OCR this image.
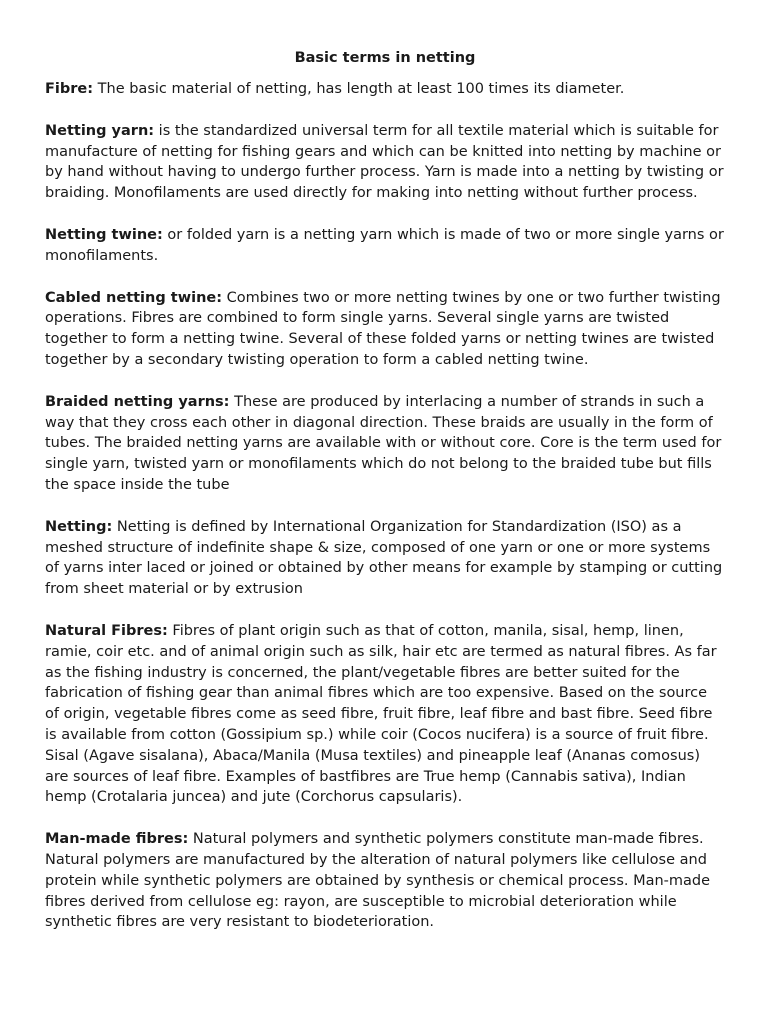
Basic terms in netting

Fibre: The basic material of netting, has length at least 100 times its diameter.

Netting yarn: is the standardized universal term for all textile material which is suitable for manufacture of netting for fishing gears and which can be knitted into netting by machine or by hand without having to undergo further process. Yarn is made into a netting by twisting or braiding. Monofilaments are used directly for making into netting without further process.

Netting twine: or folded yarn is a netting yarn which is made of two or more single yarns or monofilaments.

Cabled netting twine: Combines two or more netting twines by one or two further twisting operations. Fibres are combined to form single yarns. Several single yarns are twisted together to form a netting twine. Several of these folded yarns or netting twines are twisted together by a secondary twisting operation to form a cabled netting twine.

Braided netting yarns: These are produced by interlacing a number of strands in such a way that they cross each other in diagonal direction. These braids are usually in the form of tubes. The braided netting yarns are available with or without core. Core is the term used for single yarn, twisted yarn or monofilaments which do not belong to the braided tube but fills the space inside the tube

Netting: Netting is defined by International Organization for Standardization (ISO) as a meshed structure of indefinite shape & size, composed of one yarn or one or more systems of yarns inter laced or joined or obtained by other means for example by stamping or cutting from sheet material or by extrusion

Natural Fibres: Fibres of plant origin such as that of cotton, manila, sisal, hemp, linen, ramie, coir etc. and of animal origin such as silk, hair etc are termed as natural fibres. As far as the fishing industry is concerned, the plant/vegetable fibres are better suited for the fabrication of fishing gear than animal fibres which are too expensive. Based on the source of origin, vegetable fibres come as seed fibre, fruit fibre, leaf fibre and bast fibre. Seed fibre is available from cotton (Gossipium sp.) while coir (Cocos nucifera) is a source of fruit fibre. Sisal (Agave sisalana), Abaca/Manila (Musa textiles) and pineapple leaf (Ananas comosus) are sources of leaf fibre. Examples of bastfibres are True hemp (Cannabis sativa), Indian hemp (Crotalaria juncea) and jute (Corchorus capsularis).

Man-made fibres: Natural polymers and synthetic polymers constitute man-made fibres. Natural polymers are manufactured by the alteration of natural polymers like cellulose and protein while synthetic polymers are obtained by synthesis or chemical process. Man-made fibres derived from cellulose eg: rayon, are susceptible to microbial deterioration while synthetic fibres are very resistant to biodeterioration.
